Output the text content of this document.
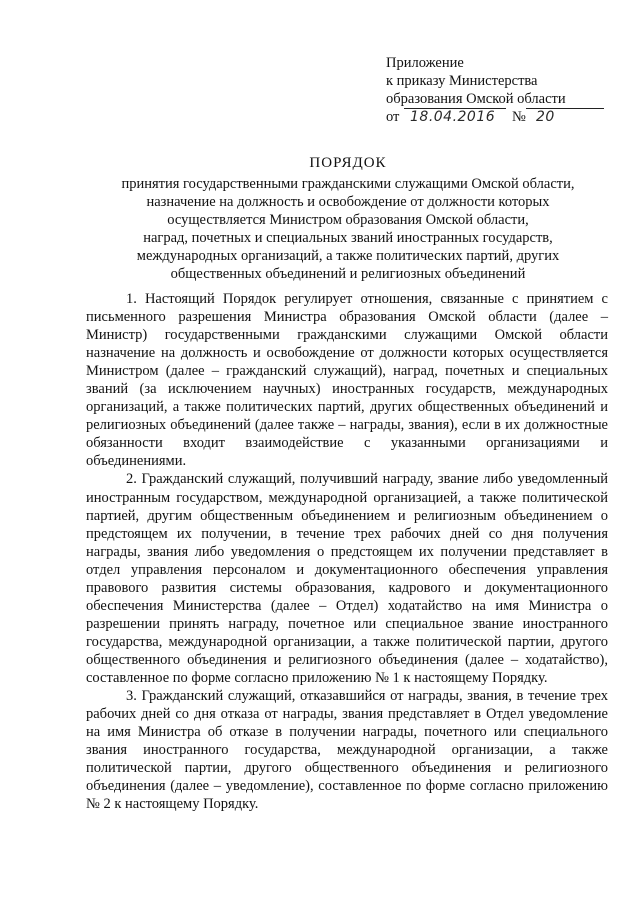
Приложение
к приказу Министерства
образования Омской области
от 18.04.2016 № 20
ПОРЯДОК
принятия государственными гражданскими служащими Омской области,
назначение на должность и освобождение от должности которых
осуществляется Министром образования Омской области,
наград, почетных и специальных званий иностранных государств,
международных организаций, а также политических партий, других
общественных объединений и религиозных объединений

1. Настоящий Порядок регулирует отношения, связанные с принятием с письменного разрешения Министра образования Омской области (далее – Министр) государственными гражданскими служащими Омской области назначение на должность и освобождение от должности которых осуществляется Министром (далее – гражданский служащий), наград, почетных и специальных званий (за исключением научных) иностранных государств, международных организаций, а также политических партий, других общественных объединений и религиозных объединений (далее также – награды, звания), если в их должностные обязанности входит взаимодействие с указанными организациями и объединениями.

2. Гражданский служащий, получивший награду, звание либо уведомленный иностранным государством, международной организацией, а также политической партией, другим общественным объединением и религиозным объединением о предстоящем их получении, в течение трех рабочих дней со дня получения награды, звания либо уведомления о предстоящем их получении представляет в отдел управления персоналом и документационного обеспечения управления правового развития системы образования, кадрового и документационного обеспечения Министерства (далее – Отдел) ходатайство на имя Министра о разрешении принять награду, почетное или специальное звание иностранного государства, международной организации, а также политической партии, другого общественного объединения и религиозного объединения (далее – ходатайство), составленное по форме согласно приложению № 1 к настоящему Порядку.

3. Гражданский служащий, отказавшийся от награды, звания, в течение трех рабочих дней со дня отказа от награды, звания представляет в Отдел уведомление на имя Министра об отказе в получении награды, почетного или специального звания иностранного государства, международной организации, а также политической партии, другого общественного объединения и религиозного объединения (далее – уведомление), составленное по форме согласно приложению № 2 к настоящему Порядку.
